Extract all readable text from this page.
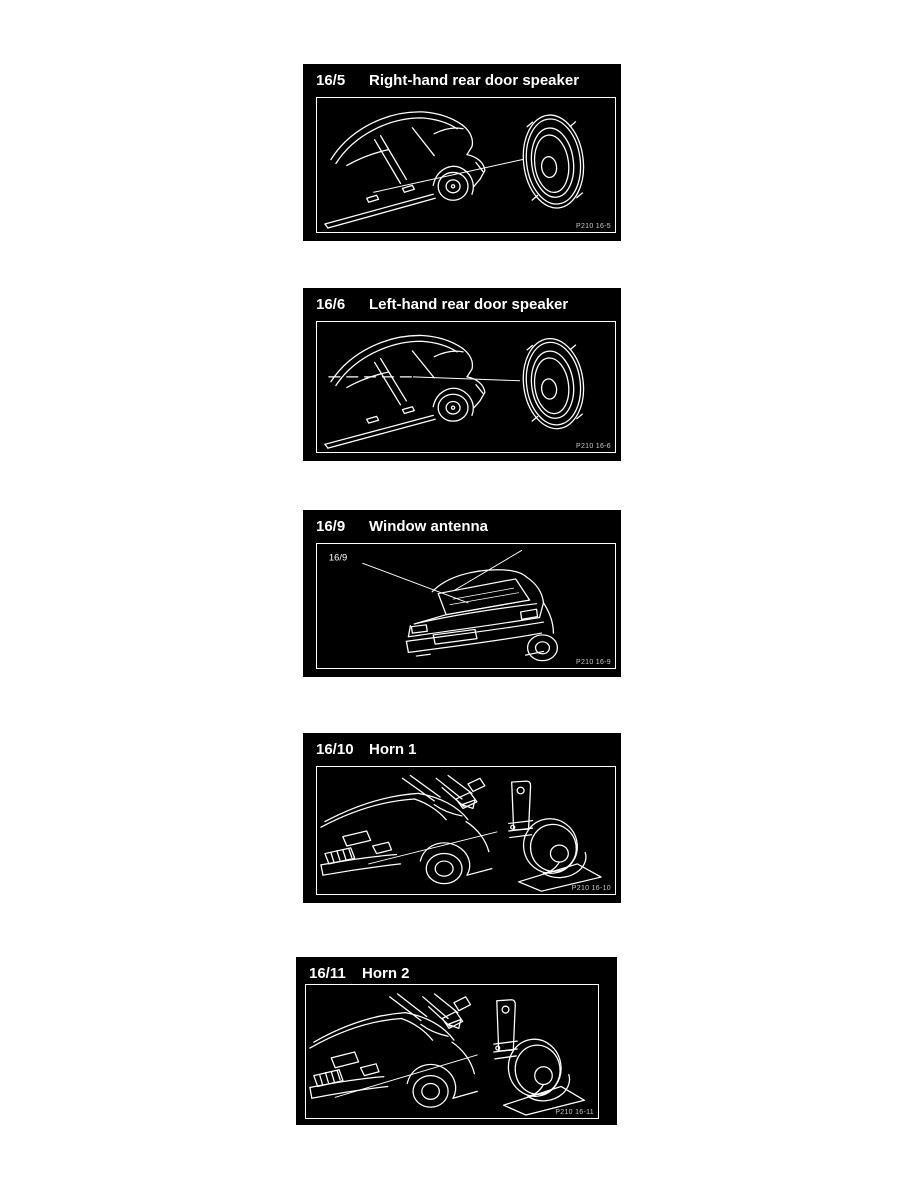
16/5	Right-hand rear door speaker
P210 16-5
16/6	Left-hand rear door speaker
P210 16-6
16/9	Window antenna
16/9
P210 16-9
16/10	Horn 1
P210 16-10
16/11	Horn 2
P210 16-11
